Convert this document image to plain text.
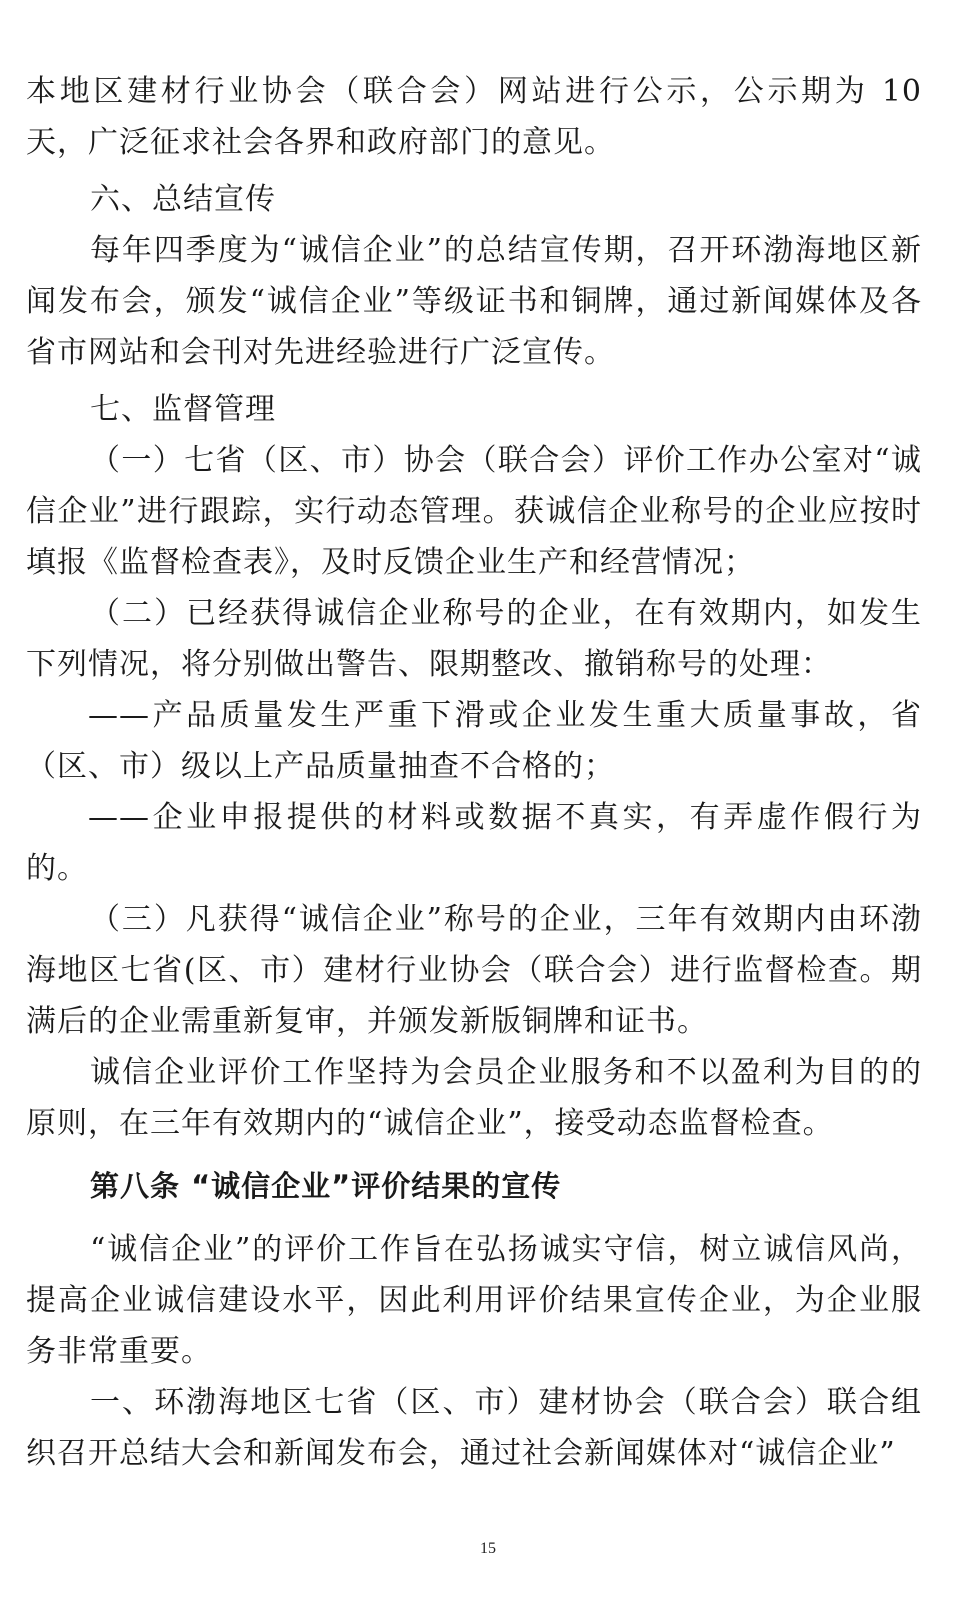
本地区建材行业协会（联合会）网站进行公示，公示期为 10 天，广泛征求社会各界和政府部门的意见。

六、总结宣传

每年四季度为“诚信企业”的总结宣传期，召开环渤海地区新闻发布会，颁发“诚信企业”等级证书和铜牌，通过新闻媒体及各省市网站和会刊对先进经验进行广泛宣传。

七、监督管理

（一）七省（区、市）协会（联合会）评价工作办公室对“诚信企业”进行跟踪，实行动态管理。获诚信企业称号的企业应按时填报《监督检查表》，及时反馈企业生产和经营情况；

（二）已经获得诚信企业称号的企业，在有效期内，如发生下列情况，将分别做出警告、限期整改、撤销称号的处理：

——产品质量发生严重下滑或企业发生重大质量事故，省（区、市）级以上产品质量抽查不合格的；

——企业申报提供的材料或数据不真实，有弄虚作假行为的。

（三）凡获得“诚信企业”称号的企业，三年有效期内由环渤海地区七省(区、市）建材行业协会（联合会）进行监督检查。期满后的企业需重新复审，并颁发新版铜牌和证书。

诚信企业评价工作坚持为会员企业服务和不以盈利为目的的原则，在三年有效期内的“诚信企业”，接受动态监督检查。

第八条 “诚信企业”评价结果的宣传

“诚信企业”的评价工作旨在弘扬诚实守信，树立诚信风尚，提高企业诚信建设水平，因此利用评价结果宣传企业，为企业服务非常重要。

一、环渤海地区七省（区、市）建材协会（联合会）联合组织召开总结大会和新闻发布会，通过社会新闻媒体对“诚信企业”

15
